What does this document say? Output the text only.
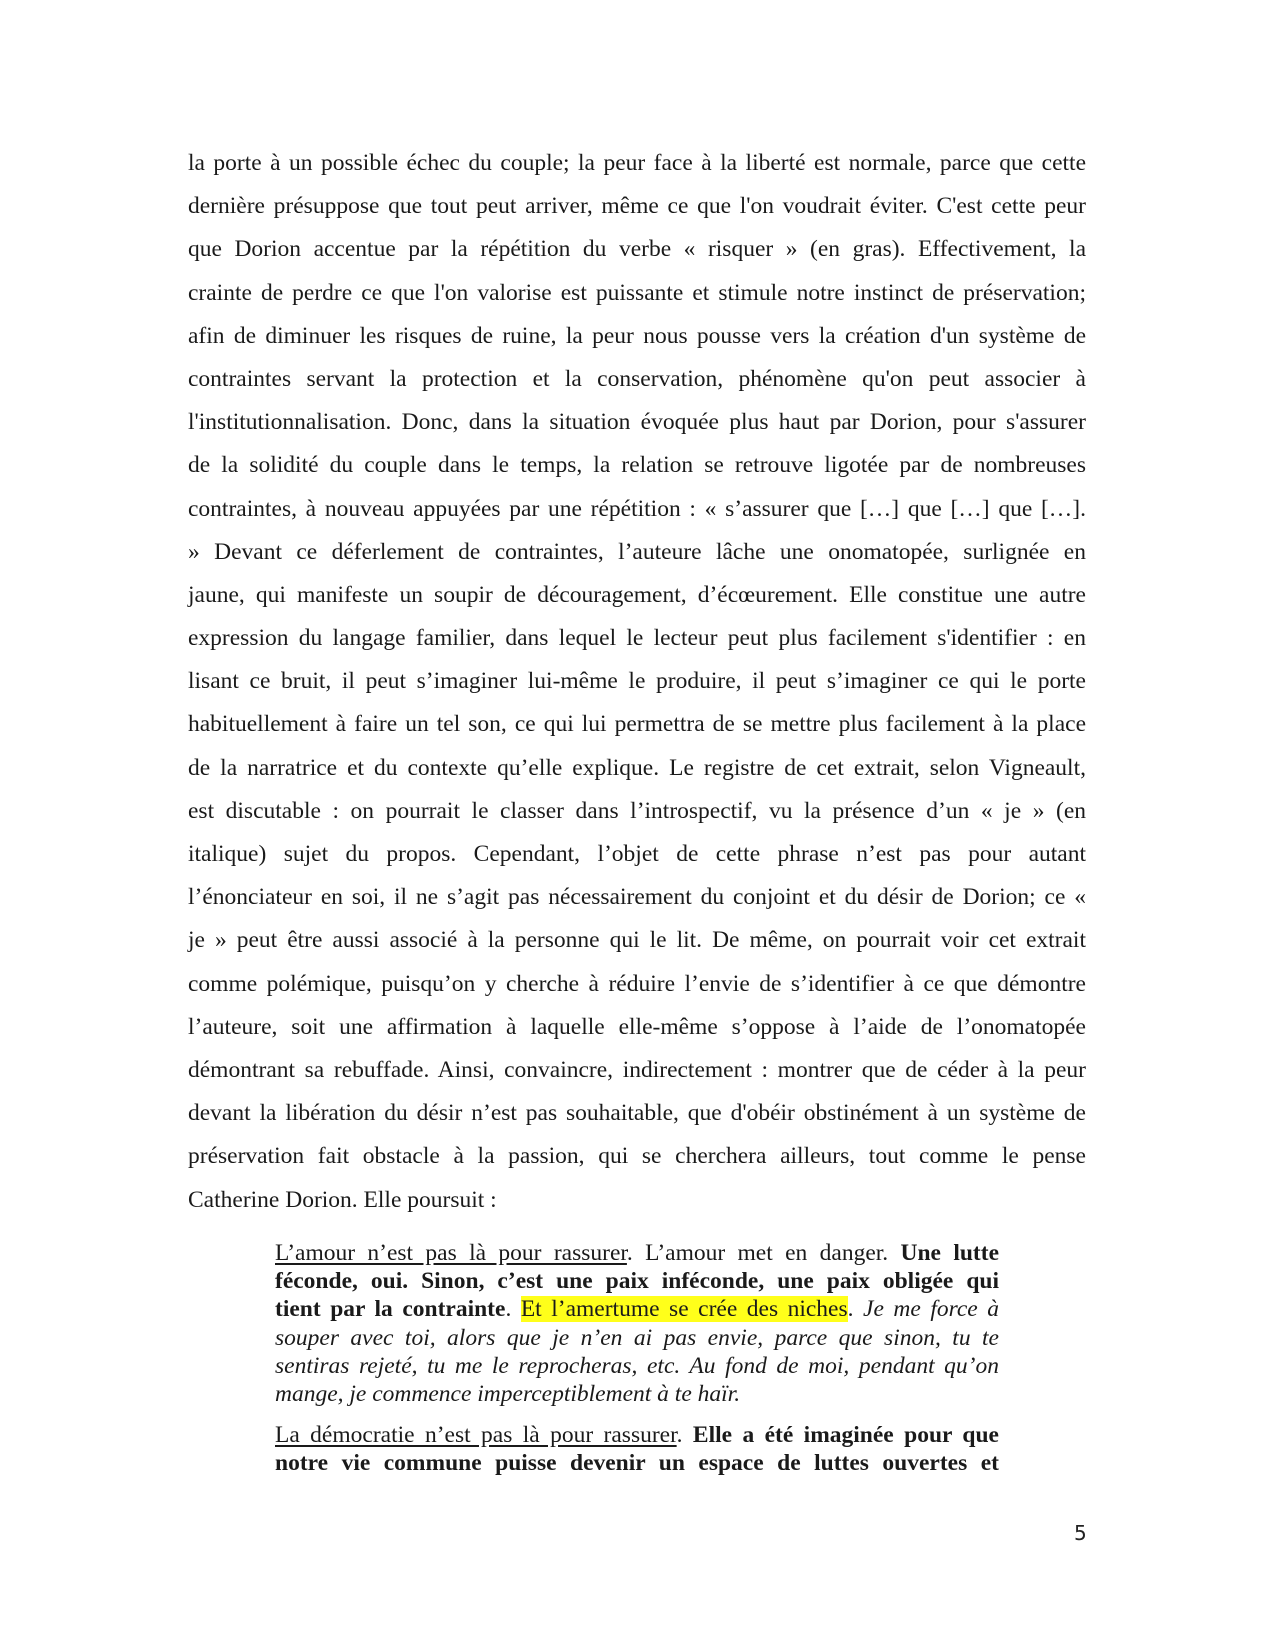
la porte à un possible échec du couple; la peur face à la liberté est normale, parce que cette
dernière présuppose que tout peut arriver, même ce que l'on voudrait éviter. C'est cette peur
que Dorion accentue par la répétition du verbe « risquer » (en gras). Effectivement, la
crainte de perdre ce que l'on valorise est puissante et stimule notre instinct de préservation;
afin de diminuer les risques de ruine, la peur nous pousse vers la création d'un système de
contraintes servant la protection et la conservation, phénomène qu'on peut associer à
l'institutionnalisation. Donc, dans la situation évoquée plus haut par Dorion, pour s'assurer
de la solidité du couple dans le temps, la relation se retrouve ligotée par de nombreuses
contraintes, à nouveau appuyées par une répétition : « s’assurer que […] que […] que […].
» Devant ce déferlement de contraintes, l’auteure lâche une onomatopée, surlignée en
jaune, qui manifeste un soupir de découragement, d’écœurement. Elle constitue une autre
expression du langage familier, dans lequel le lecteur peut plus facilement s'identifier : en
lisant ce bruit, il peut s’imaginer lui-même le produire, il peut s’imaginer ce qui le porte
habituellement à faire un tel son, ce qui lui permettra de se mettre plus facilement à la place
de la narratrice et du contexte qu’elle explique. Le registre de cet extrait, selon Vigneault,
est discutable : on pourrait le classer dans l’introspectif, vu la présence d’un « je » (en
italique) sujet du propos. Cependant, l’objet de cette phrase n’est pas pour autant
l’énonciateur en soi, il ne s’agit pas nécessairement du conjoint et du désir de Dorion; ce «
je » peut être aussi associé à la personne qui le lit. De même, on pourrait voir cet extrait
comme polémique, puisqu’on y cherche à réduire l’envie de s’identifier à ce que démontre
l’auteure, soit une affirmation à laquelle elle-même s’oppose à l’aide de l’onomatopée
démontrant sa rebuffade. Ainsi, convaincre, indirectement : montrer que de céder à la peur
devant la libération du désir n’est pas souhaitable, que d'obéir obstinément à un système de
préservation fait obstacle à la passion, qui se cherchera ailleurs, tout comme le pense
Catherine Dorion. Elle poursuit :
L’amour n’est pas là pour rassurer. L’amour met en danger. Une lutte
féconde, oui. Sinon, c’est une paix inféconde, une paix obligée qui
tient par la contrainte. Et l’amertume se crée des niches. Je me force à
souper avec toi, alors que je n’en ai pas envie, parce que sinon, tu te
sentiras rejeté, tu me le reprocheras, etc. Au fond de moi, pendant qu’on
mange, je commence imperceptiblement à te haïr.
La démocratie n’est pas là pour rassurer. Elle a été imaginée pour que
notre vie commune puisse devenir un espace de luttes ouvertes et
5
